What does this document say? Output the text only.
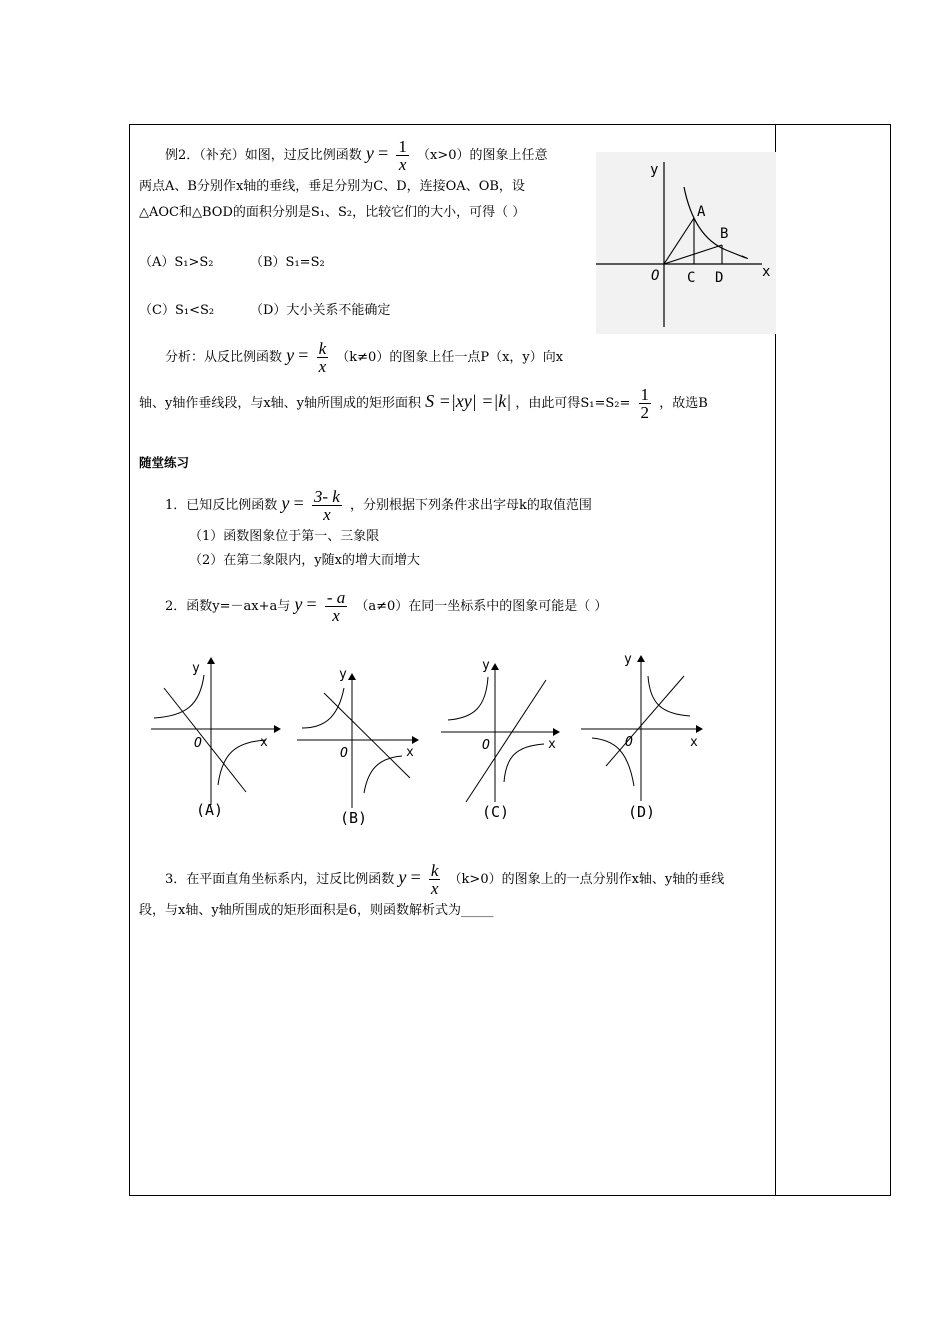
例2．（补充）如图，过反比例函数 $y = \frac{1}{x} (x>0)$的图象上任意
两点A、B分别作x轴的垂线，垂足分别为C、D，连接OA、OB，设
△AOC和△BOD的面积分别是S₁、S₂，比较它们的大小，可得（ ）
（A）S₁>S₂	（B）S₁=S₂
（C）S₁<S₂	（D）大小关系不能确定
y
x
O
A
B
C D
分析：从反比例函数 $y = \frac{k}{x} (k\ne 0)$的图象上任一点P（x，y）向x
轴、y轴作垂线段，与x轴、y轴所围成的矩形面积 S =|xy| =|k| ，由此可得$S_1=S_2= \frac{1}{2}$ ，故选B
随堂练习
1．已知反比例函数 $y = \frac{3- k}{x}$ ，分别根据下列条件求出字母k的取值范围
（1）函数图象位于第一、三象限
（2）在第二象限内，y随x的增大而增大
2．函数y=－ax+a与 $y = \frac{- a}{x} (a\ne 0)$在同一坐标系中的图象可能是（ ）
y
x
O
(A)
y
x
O
(B)
y
x
O
(C)
y
x
O
(D)
3．在平面直角坐标系内，过反比例函数 $y = \frac{k}{x} (k>0)$的图象上的一点分别作x轴、y轴的垂线
段，与x轴、y轴所围成的矩形面积是6，则函数解析式为_____
